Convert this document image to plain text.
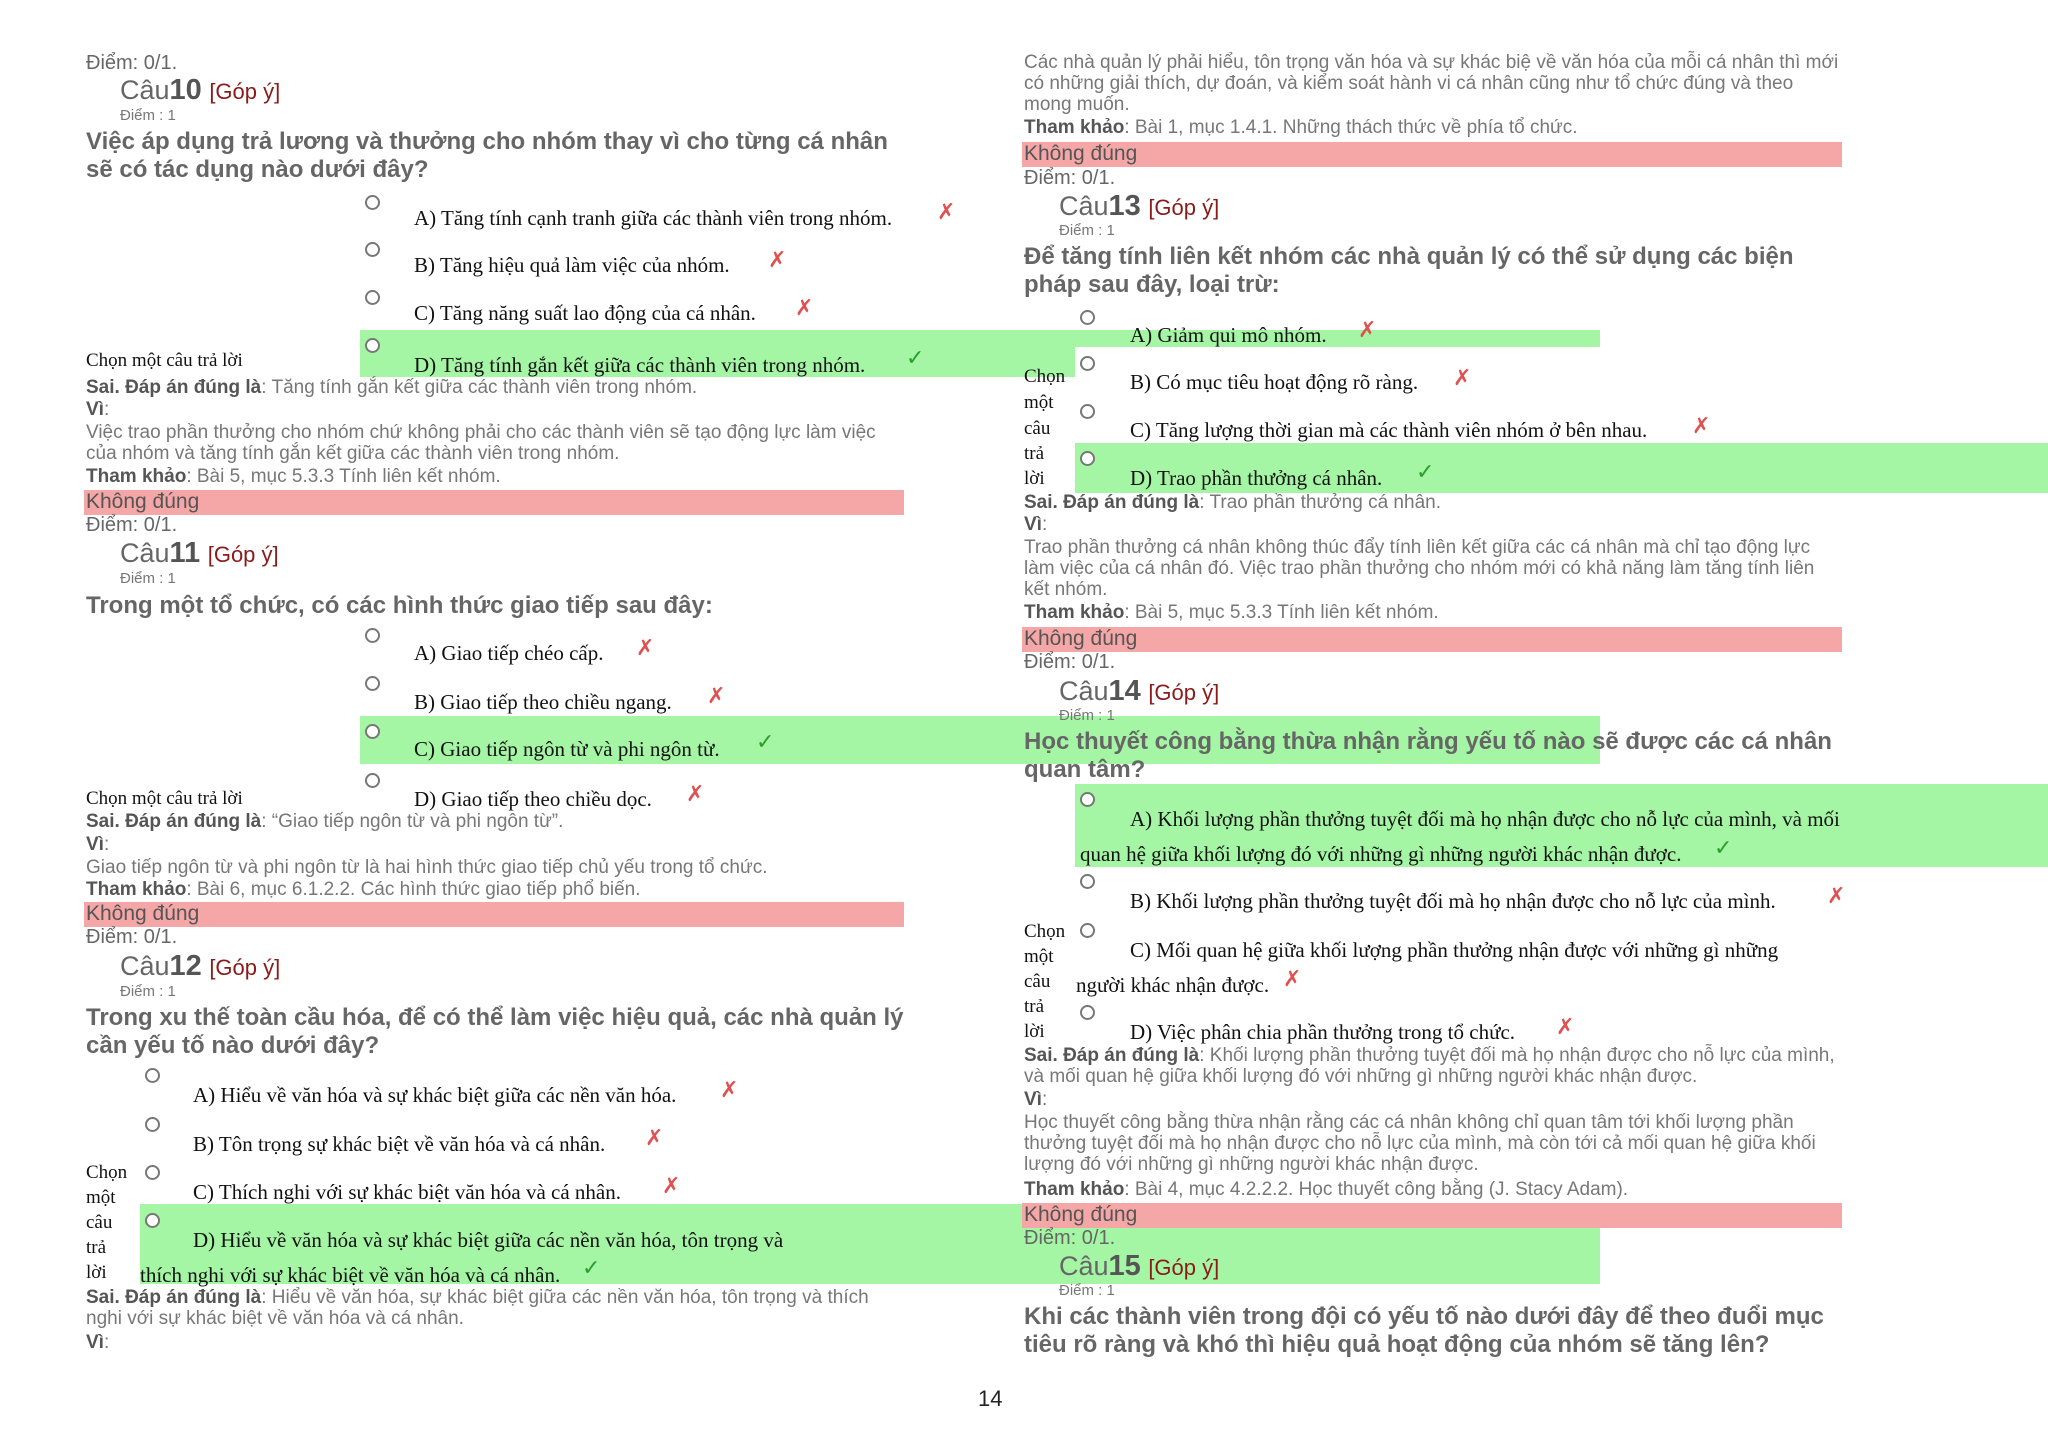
Điểm: 0/1.
Câu10 [Góp ý]
Điểm : 1
Việc áp dụng trả lương và thưởng cho nhóm thay vì cho từng cá nhân sẽ có tác dụng nào dưới đây?
A) Tăng tính cạnh tranh giữa các thành viên trong nhóm. ✗
B) Tăng hiệu quả làm việc của nhóm. ✗
C) Tăng năng suất lao động của cá nhân. ✗
Chọn một câu trả lời	D) Tăng tính gắn kết giữa các thành viên trong nhóm. ✓
Sai. Đáp án đúng là: Tăng tính gắn kết giữa các thành viên trong nhóm.
Vì:
Việc trao phần thưởng cho nhóm chứ không phải cho các thành viên sẽ tạo động lực làm việc của nhóm và tăng tính gắn kết giữa các thành viên trong nhóm.
Tham khảo: Bài 5, mục 5.3.3 Tính liên kết nhóm.
Không đúng
Điểm: 0/1.
Câu11 [Góp ý]
Điểm : 1
Trong một tổ chức, có các hình thức giao tiếp sau đây:
A) Giao tiếp chéo cấp. ✗
B) Giao tiếp theo chiều ngang. ✗
C) Giao tiếp ngôn từ và phi ngôn từ. ✓
Chọn một câu trả lời	D) Giao tiếp theo chiều dọc. ✗
Sai. Đáp án đúng là: “Giao tiếp ngôn từ và phi ngôn từ”.
Vì:
Giao tiếp ngôn từ và phi ngôn từ là hai hình thức giao tiếp chủ yếu trong tổ chức.
Tham khảo: Bài 6, mục 6.1.2.2. Các hình thức giao tiếp phổ biến.
Không đúng
Điểm: 0/1.
Câu12 [Góp ý]
Điểm : 1
Trong xu thế toàn cầu hóa, để có thể làm việc hiệu quả, các nhà quản lý cần yếu tố nào dưới đây?
A) Hiểu về văn hóa và sự khác biệt giữa các nền văn hóa. ✗
B) Tôn trọng sự khác biệt về văn hóa và cá nhân. ✗
Chọn
một
câu
trả
lời
C) Thích nghi với sự khác biệt văn hóa và cá nhân. ✗
D) Hiểu về văn hóa và sự khác biệt giữa các nền văn hóa, tôn trọng và
thích nghi với sự khác biệt về văn hóa và cá nhân. ✓
Sai. Đáp án đúng là: Hiểu về văn hóa, sự khác biệt giữa các nền văn hóa, tôn trọng và thích nghi với sự khác biệt về văn hóa và cá nhân.
Vì:
Các nhà quản lý phải hiểu, tôn trọng văn hóa và sự khác biệ về văn hóa của mỗi cá nhân thì mới có những giải thích, dự đoán, và kiểm soát hành vi cá nhân cũng như tổ chức đúng và theo mong muốn.
Tham khảo: Bài 1, mục 1.4.1. Những thách thức về phía tổ chức.
Không đúng
Điểm: 0/1.
Câu13 [Góp ý]
Điểm : 1
Để tăng tính liên kết nhóm các nhà quản lý có thể sử dụng các biện pháp sau đây, loại trừ:
A) Giảm qui mô nhóm. ✗
Chọn
một
câu
trả
lời
B) Có mục tiêu hoạt động rõ ràng. ✗
C) Tăng lượng thời gian mà các thành viên nhóm ở bên nhau. ✗
D) Trao phần thưởng cá nhân. ✓
Sai. Đáp án đúng là: Trao phần thưởng cá nhân.
Vì:
Trao phần thưởng cá nhân không thúc đẩy tính liên kết giữa các cá nhân mà chỉ tạo động lực làm việc của cá nhân đó. Việc trao phần thưởng cho nhóm mới có khả năng làm tăng tính liên kết nhóm.
Tham khảo: Bài 5, mục 5.3.3 Tính liên kết nhóm.
Không đúng
Điểm: 0/1.
Câu14 [Góp ý]
Điểm : 1
Học thuyết công bằng thừa nhận rằng yếu tố nào sẽ được các cá nhân quan tâm?
A) Khối lượng phần thưởng tuyệt đối mà họ nhận được cho nỗ lực của mình, và mối
quan hệ giữa khối lượng đó với những gì những người khác nhận được. ✓
B) Khối lượng phần thưởng tuyệt đối mà họ nhận được cho nỗ lực của mình. ✗
Chọn
một
câu
trả
lời
C) Mối quan hệ giữa khối lượng phần thưởng nhận được với những gì những
người khác nhận được. ✗
D) Việc phân chia phần thưởng trong tổ chức. ✗
Sai. Đáp án đúng là: Khối lượng phần thưởng tuyệt đối mà họ nhận được cho nỗ lực của mình, và mối quan hệ giữa khối lượng đó với những gì những người khác nhận được.
Vì:
Học thuyết công bằng thừa nhận rằng các cá nhân không chỉ quan tâm tới khối lượng phần thưởng tuyệt đối mà họ nhận được cho nỗ lực của mình, mà còn tới cả mối quan hệ giữa khối lượng đó với những gì những người khác nhận được.
Tham khảo: Bài 4, mục 4.2.2.2. Học thuyết công bằng (J. Stacy Adam).
Không đúng
Điểm: 0/1.
Câu15 [Góp ý]
Điểm : 1
Khi các thành viên trong đội có yếu tố nào dưới đây để theo đuổi mục tiêu rõ ràng và khó thì hiệu quả hoạt động của nhóm sẽ tăng lên?
14
